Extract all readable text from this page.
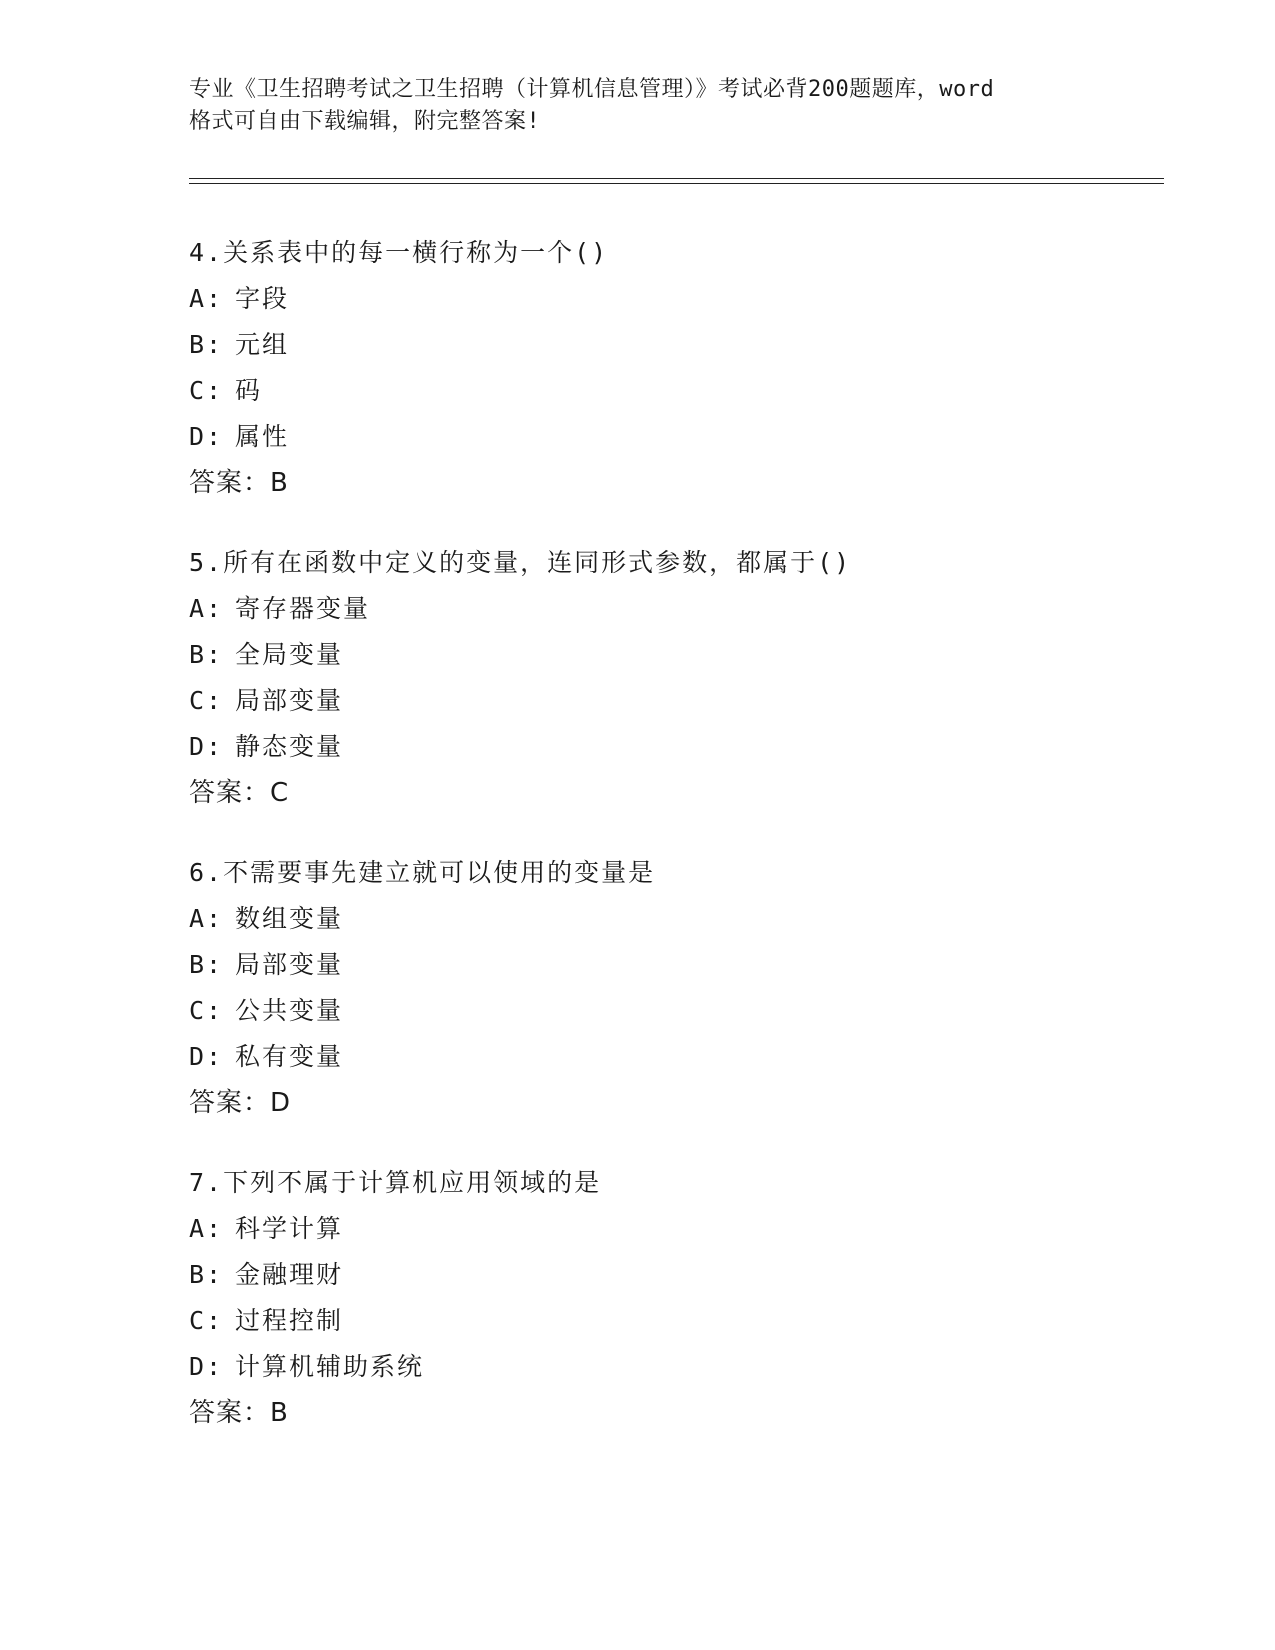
专业《卫生招聘考试之卫生招聘（计算机信息管理）》考试必背200题题库，word
格式可自由下载编辑，附完整答案!
4.关系表中的每一横行称为一个()
A: 字段
B: 元组
C: 码
D: 属性
答案：B
5.所有在函数中定义的变量，连同形式参数，都属于()
A: 寄存器变量
B: 全局变量
C: 局部变量
D: 静态变量
答案：C
6.不需要事先建立就可以使用的变量是
A: 数组变量
B: 局部变量
C: 公共变量
D: 私有变量
答案：D
7.下列不属于计算机应用领域的是
A: 科学计算
B: 金融理财
C: 过程控制
D: 计算机辅助系统
答案：B
